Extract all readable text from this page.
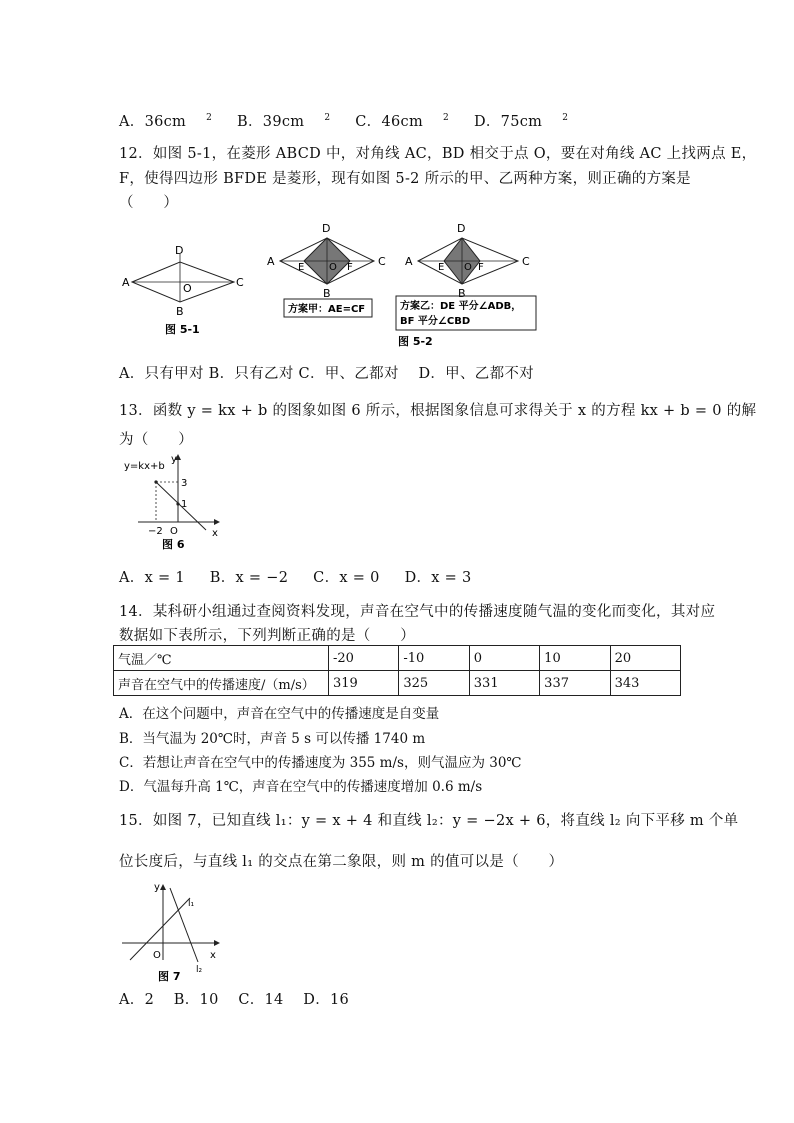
A．36cm $^2$ B．39cm $^2$ C．46cm $^2$ D．75cm $^2$
12．如图 5-1，在菱形 ABCD 中，对角线 AC，BD 相交于点 O，要在对角线 AC 上找两点 E，
F，使得四边形 BFDE 是菱形，现有如图 5-2 所示的甲、乙两种方案，则正确的方案是
（　　）
A
D
C
B
O
图 5-1
A
D
C
B
E O F
方案甲：AE=CF
A
D
C
B
E O F
方案乙：DE 平分∠ADB，
BF 平分∠CBD
图 5-2
A．只有甲对 B．只有乙对 C．甲、乙都对　 D．甲、乙都不对
13．函数 y = kx + b 的图象如图 6 所示，根据图象信息可求得关于 x 的方程 kx + b = 0 的解
为（　　）
y=kx+b
y
x
3
1
−2 O
图 6
A．x = 1 B．x = −2 C．x = 0 D．x = 3
14．某科研小组通过查阅资料发现，声音在空气中的传播速度随气温的变化而变化，其对应
数据如下表所示，下列判断正确的是（　　）
气温／℃	-20	-10	0	10	20
声音在空气中的传播速度/（m/s）	319	325	331	337	343
A．在这个问题中，声音在空气中的传播速度是自变量
B．当气温为 20℃时，声音 5 s 可以传播 1740 m
C．若想让声音在空气中的传播速度为 355 m/s，则气温应为 30℃
D．气温每升高 1℃，声音在空气中的传播速度增加 0.6 m/s
15．如图 7，已知直线 l₁：y = x + 4 和直线 l₂：y = −2x + 6，将直线 l₂ 向下平移 m 个单
位长度后，与直线 l₁ 的交点在第二象限，则 m 的值可以是（　　）
y
x
O
l₁
l₂
图 7
A．2　 B．10　 C．14　 D．16
